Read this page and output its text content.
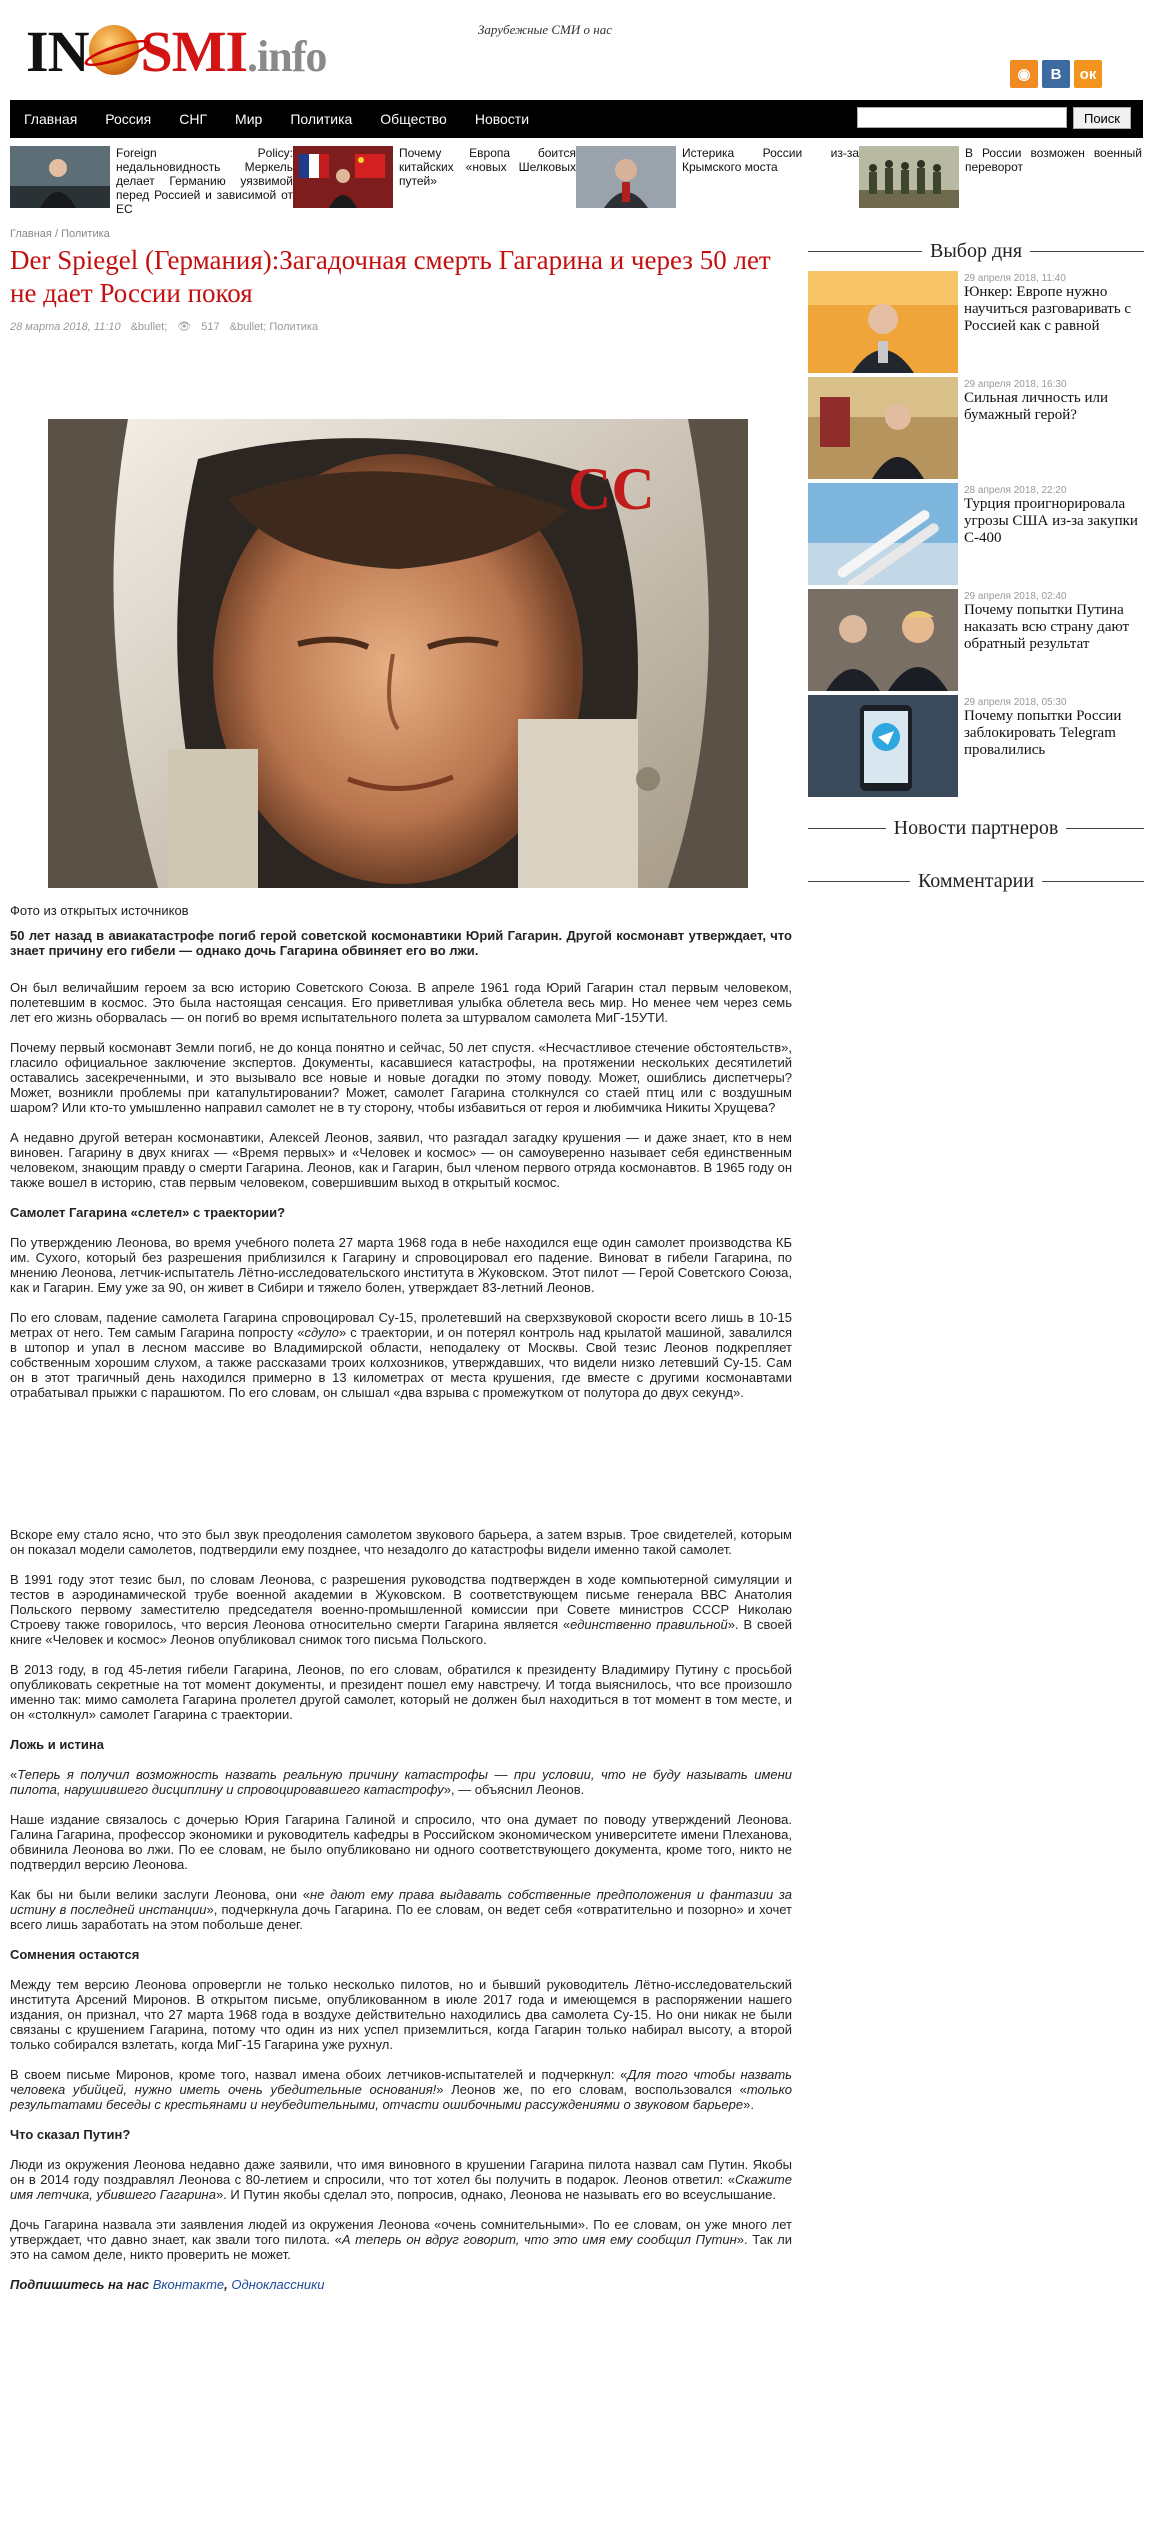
IN SMI.info
Зарубежные СМИ о нас
◉	В	ок
Главная Россия СНГ Мир Политика Общество Новости	Поиск
Foreign Policy: недальновидность Меркель делает Германию уязвимой перед Россией и зависимой от ЕС
Почему Европа боится китайских «новых Шелковых путей»
Истерика России из-за Крымского моста
В России возможен военный переворот
Главная / Политика
Der Spiegel (Германия):Загадочная смерть Гагарина и через 50 лет не дает России покоя
28 марта 2018, 11:10 &bullet; 👁 517 &bullet; Политика
СС
Фото из открытых источников

50 лет назад в авиакатастрофе погиб герой советской космонавтики Юрий Гагарин. Другой космонавт утверждает, что знает причину его гибели — однако дочь Гагарина обвиняет его во лжи.

Он был величайшим героем за всю историю Советского Союза. В апреле 1961 года Юрий Гагарин стал первым человеком, полетевшим в космос. Это была настоящая сенсация. Его приветливая улыбка облетела весь мир. Но менее чем через семь лет его жизнь оборвалась — он погиб во время испытательного полета за штурвалом самолета МиГ-15УТИ.

Почему первый космонавт Земли погиб, не до конца понятно и сейчас, 50 лет спустя. «Несчастливое стечение обстоятельств», гласило официальное заключение экспертов. Документы, касавшиеся катастрофы, на протяжении нескольких десятилетий оставались засекреченными, и это вызывало все новые и новые догадки по этому поводу. Может, ошиблись диспетчеры? Может, возникли проблемы при катапультировании? Может, самолет Гагарина столкнулся со стаей птиц или с воздушным шаром? Или кто-то умышленно направил самолет не в ту сторону, чтобы избавиться от героя и любимчика Никиты Хрущева?

А недавно другой ветеран космонавтики, Алексей Леонов, заявил, что разгадал загадку крушения — и даже знает, кто в нем виновен. Гагарину в двух книгах — «Время первых» и «Человек и космос» — он самоуверенно называет себя единственным человеком, знающим правду о смерти Гагарина. Леонов, как и Гагарин, был членом первого отряда космонавтов. В 1965 году он также вошел в историю, став первым человеком, совершившим выход в открытый космос.

Самолет Гагарина «слетел» с траектории?

По утверждению Леонова, во время учебного полета 27 марта 1968 года в небе находился еще один самолет производства КБ им. Сухого, который без разрешения приблизился к Гагарину и спровоцировал его падение. Виноват в гибели Гагарина, по мнению Леонова, летчик-испытатель Лётно-исследовательского института в Жуковском. Этот пилот — Герой Советского Союза, как и Гагарин. Ему уже за 90, он живет в Сибири и тяжело болен, утверждает 83-летний Леонов.

По его словам, падение самолета Гагарина спровоцировал Су-15, пролетевший на сверхзвуковой скорости всего лишь в 10-15 метрах от него. Тем самым Гагарина попросту «сдуло» с траектории, и он потерял контроль над крылатой машиной, завалился в штопор и упал в лесном массиве во Владимирской области, неподалеку от Москвы. Свой тезис Леонов подкрепляет собственным хорошим слухом, а также рассказами троих колхозников, утверждавших, что видели низко летевший Су-15. Сам он в этот трагичный день находился примерно в 13 километрах от места крушения, где вместе с другими космонавтами отрабатывал прыжки с парашютом. По его словам, он слышал «два взрыва с промежутком от полутора до двух секунд».

Вскоре ему стало ясно, что это был звук преодоления самолетом звукового барьера, а затем взрыв. Трое свидетелей, которым он показал модели самолетов, подтвердили ему позднее, что незадолго до катастрофы видели именно такой самолет.

В 1991 году этот тезис был, по словам Леонова, с разрешения руководства подтвержден в ходе компьютерной симуляции и тестов в аэродинамической трубе военной академии в Жуковском. В соответствующем письме генерала ВВС Анатолия Польского первому заместителю председателя военно-промышленной комиссии при Совете министров СССР Николаю Строеву также говорилось, что версия Леонова относительно смерти Гагарина является «единственно правильной». В своей книге «Человек и космос» Леонов опубликовал снимок того письма Польского.

В 2013 году, в год 45-летия гибели Гагарина, Леонов, по его словам, обратился к президенту Владимиру Путину с просьбой опубликовать секретные на тот момент документы, и президент пошел ему навстречу. И тогда выяснилось, что все произошло именно так: мимо самолета Гагарина пролетел другой самолет, который не должен был находиться в тот момент в том месте, и он «столкнул» самолет Гагарина с траектории.

Ложь и истина

«Теперь я получил возможность назвать реальную причину катастрофы — при условии, что не буду называть имени пилота, нарушившего дисциплину и спровоцировавшего катастрофу», — объяснил Леонов.

Наше издание связалось с дочерью Юрия Гагарина Галиной и спросило, что она думает по поводу утверждений Леонова. Галина Гагарина, профессор экономики и руководитель кафедры в Российском экономическом университете имени Плеханова, обвинила Леонова во лжи. По ее словам, не было опубликовано ни одного соответствующего документа, кроме того, никто не подтвердил версию Леонова.

Как бы ни были велики заслуги Леонова, они «не дают ему права выдавать собственные предположения и фантазии за истину в последней инстанции», подчеркнула дочь Гагарина. По ее словам, он ведет себя «отвратительно и позорно» и хочет всего лишь заработать на этом побольше денег.

Сомнения остаются

Между тем версию Леонова опровергли не только несколько пилотов, но и бывший руководитель Лётно-исследовательский института Арсений Миронов. В открытом письме, опубликованном в июле 2017 года и имеющемся в распоряжении нашего издания, он признал, что 27 марта 1968 года в воздухе действительно находились два самолета Су-15. Но они никак не были связаны с крушением Гагарина, потому что один из них успел приземлиться, когда Гагарин только набирал высоту, а второй только собирался взлетать, когда МиГ-15 Гагарина уже рухнул.

В своем письме Миронов, кроме того, назвал имена обоих летчиков-испытателей и подчеркнул: «Для того чтобы назвать человека убийцей, нужно иметь очень убедительные основания!» Леонов же, по его словам, воспользовался «только результатами беседы с крестьянами и неубедительными, отчасти ошибочными рассуждениями о звуковом барьере».

Что сказал Путин?

Люди из окружения Леонова недавно даже заявили, что имя виновного в крушении Гагарина пилота назвал сам Путин. Якобы он в 2014 году поздравлял Леонова с 80-летием и спросили, что тот хотел бы получить в подарок. Леонов ответил: «Скажите имя летчика, убившего Гагарина». И Путин якобы сделал это, попросив, однако, Леонова не называть его во всеуслышание.

Дочь Гагарина назвала эти заявления людей из окружения Леонова «очень сомнительными». По ее словам, он уже много лет утверждает, что давно знает, как звали того пилота. «А теперь он вдруг говорит, что это имя ему сообщил Путин». Так ли это на самом деле, никто проверить не может.

Подпишитесь на нас Вконтакте, Одноклассники
Выбор дня
29 апреля 2018, 11:40
Юнкер: Европе нужно научиться разговаривать с Россией как с равной
29 апреля 2018, 16:30
Сильная личность или бумажный герой?
28 апреля 2018, 22:20
Турция проигнорировала угрозы США из-за закупки С-400
29 апреля 2018, 02:40
Почему попытки Путина наказать всю страну дают обратный результат
29 апреля 2018, 05:30
Почему попытки России заблокировать Telegram провалились
Новости партнеров
Комментарии
